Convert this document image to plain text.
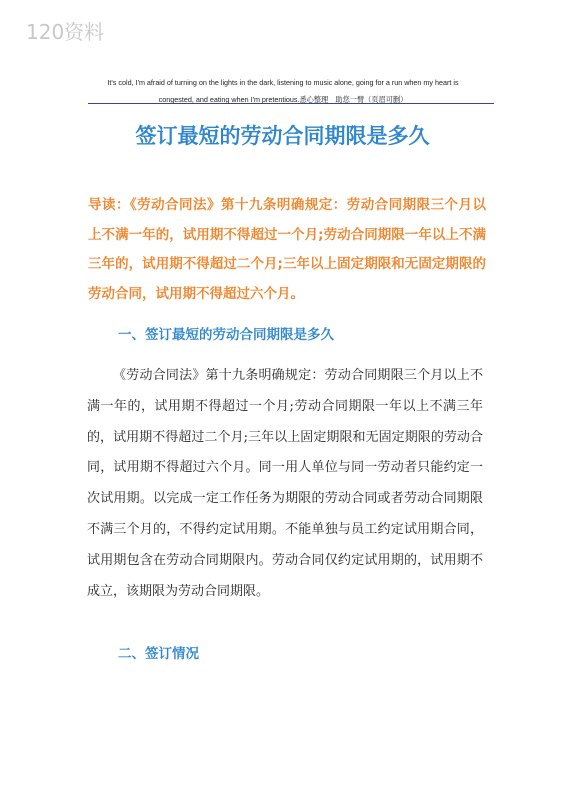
120资料
It's cold, I'm afraid of turning on the lights in the dark, listening to music alone, going for a run when my heart is
congested, and eating when I'm pretentious.悉心整理　助您一臂（页眉可删）
签订最短的劳动合同期限是多久
导读：《劳动合同法》第十九条明确规定：劳动合同期限三个月以上不满一年的，试用期不得超过一个月;劳动合同期限一年以上不满三年的，试用期不得超过二个月;三年以上固定期限和无固定期限的劳动合同，试用期不得超过六个月。
一、签订最短的劳动合同期限是多久
《劳动合同法》第十九条明确规定：劳动合同期限三个月以上不满一年的，试用期不得超过一个月;劳动合同期限一年以上不满三年的，试用期不得超过二个月;三年以上固定期限和无固定期限的劳动合同，试用期不得超过六个月。同一用人单位与同一劳动者只能约定一次试用期。以完成一定工作任务为期限的劳动合同或者劳动合同期限不满三个月的，不得约定试用期。不能单独与员工约定试用期合同，试用期包含在劳动合同期限内。劳动合同仅约定试用期的，试用期不成立，该期限为劳动合同期限。
二、签订情况
